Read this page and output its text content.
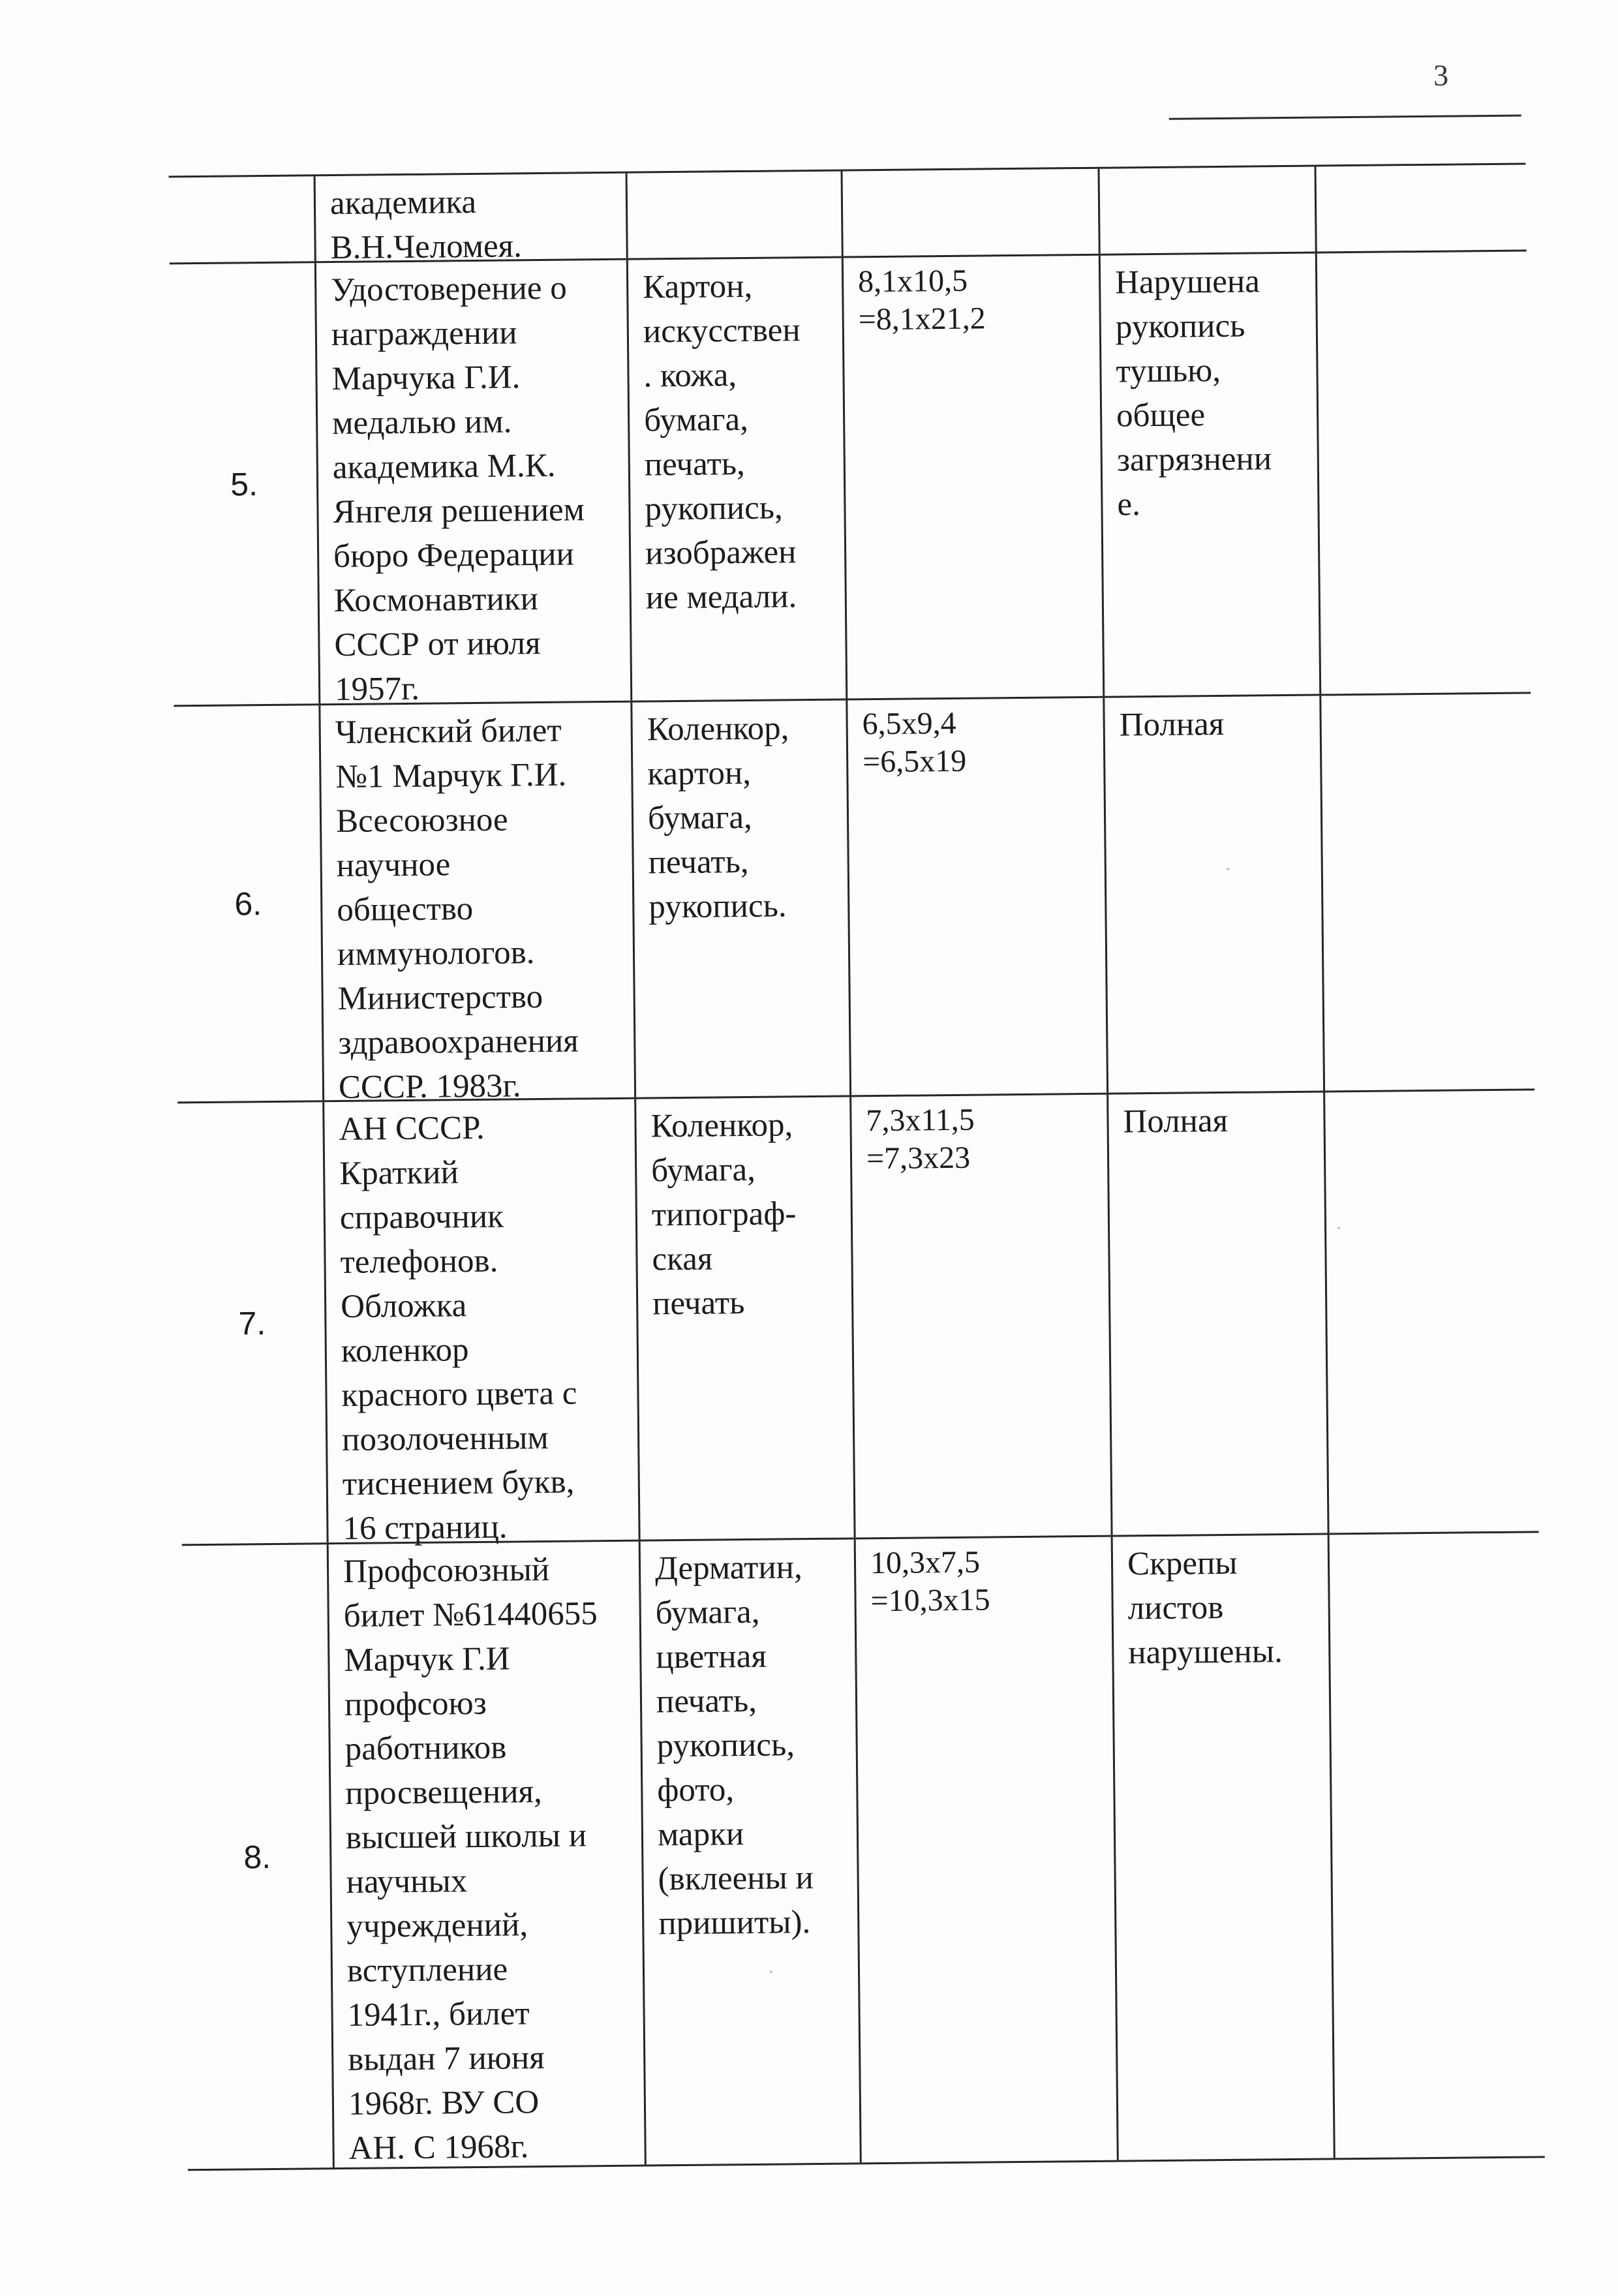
3
академика
В.Н.Челомея.
5.
Удостоверение о
награждении
Марчука Г.И.
медалью им.
академика М.К.
Янгеля решением
бюро Федерации
Космонавтики
СССР от июля
1957г.
Картон,
искусствен
. кожа,
бумага,
печать,
рукопись,
изображен
ие медали.
8,1x10,5
=8,1x21,2
Нарушена
рукопись
тушью,
общее
загрязнени
е.
6.
Членский билет
№1 Марчук Г.И.
Всесоюзное
научное
общество
иммунологов.
Министерство
здравоохранения
СССР. 1983г.
Коленкор,
картон,
бумага,
печать,
рукопись.
6,5x9,4
=6,5x19
Полная
7.
АН СССР.
Краткий
справочник
телефонов.
Обложка
коленкор
красного цвета с
позолоченным
тиснением букв,
16 страниц.
Коленкор,
бумага,
типограф-
ская
печать
7,3x11,5
=7,3x23
Полная
8.
Профсоюзный
билет №61440655
Марчук Г.И
профсоюз
работников
просвещения,
высшей школы и
научных
учреждений,
вступление
1941г., билет
выдан 7 июня
1968г. ВУ СО
АН. С 1968г.
Дерматин,
бумага,
цветная
печать,
рукопись,
фото,
марки
(вклеены и
пришиты).
10,3x7,5
=10,3x15
Скрепы
листов
нарушены.
